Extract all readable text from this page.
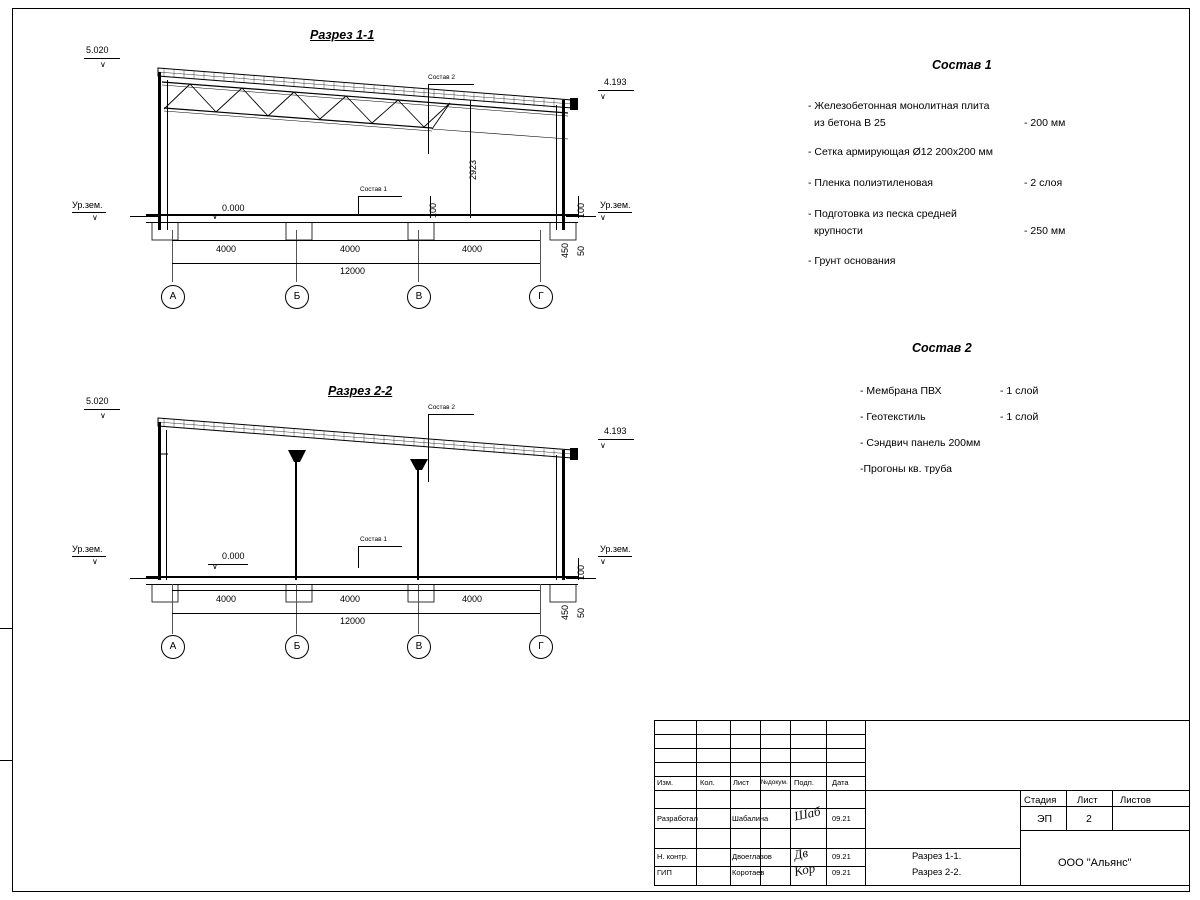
Разрез 1-1
5.020
∨
4.193
∨
Ур.зем.
∨
Ур.зем.
∨
0.000
∨
Состав 2
Состав 1
2923
100	100
450 50
4000	4000	4000
12000
А	Б	В	Г
Разрез 2-2
5.020
∨
4.193
∨
Ур.зем.
∨
Ур.зем.
∨
0.000
∨
Состав 2
Состав 1
100
450 50
4000	4000	4000
12000
А	Б	В	Г
Состав 1
- Железобетонная монолитная плита
из бетона В 25	- 200 мм
- Сетка армирующая Ø12 200х200 мм
- Пленка полиэтиленовая	- 2 слоя
- Подготовка из песка средней
крупности	- 250 мм
- Грунт основания
Состав 2
- Мембрана ПВХ	- 1 слой
- Геотекстиль	- 1 слой
- Сэндвич панель 200мм
-Прогоны кв. труба
Изм.	Кол. Лист №докум. Подп. Дата
Разработал	Шабалина Шаб 09.21
Н. контр.	Двоеглазов Дв	09.21
ГИП	Коротаев Кор 09.21
Разрез 1-1.
Разрез 2-2.
Стадия Лист Листов
ЭП	2
ООО "Альянс"
